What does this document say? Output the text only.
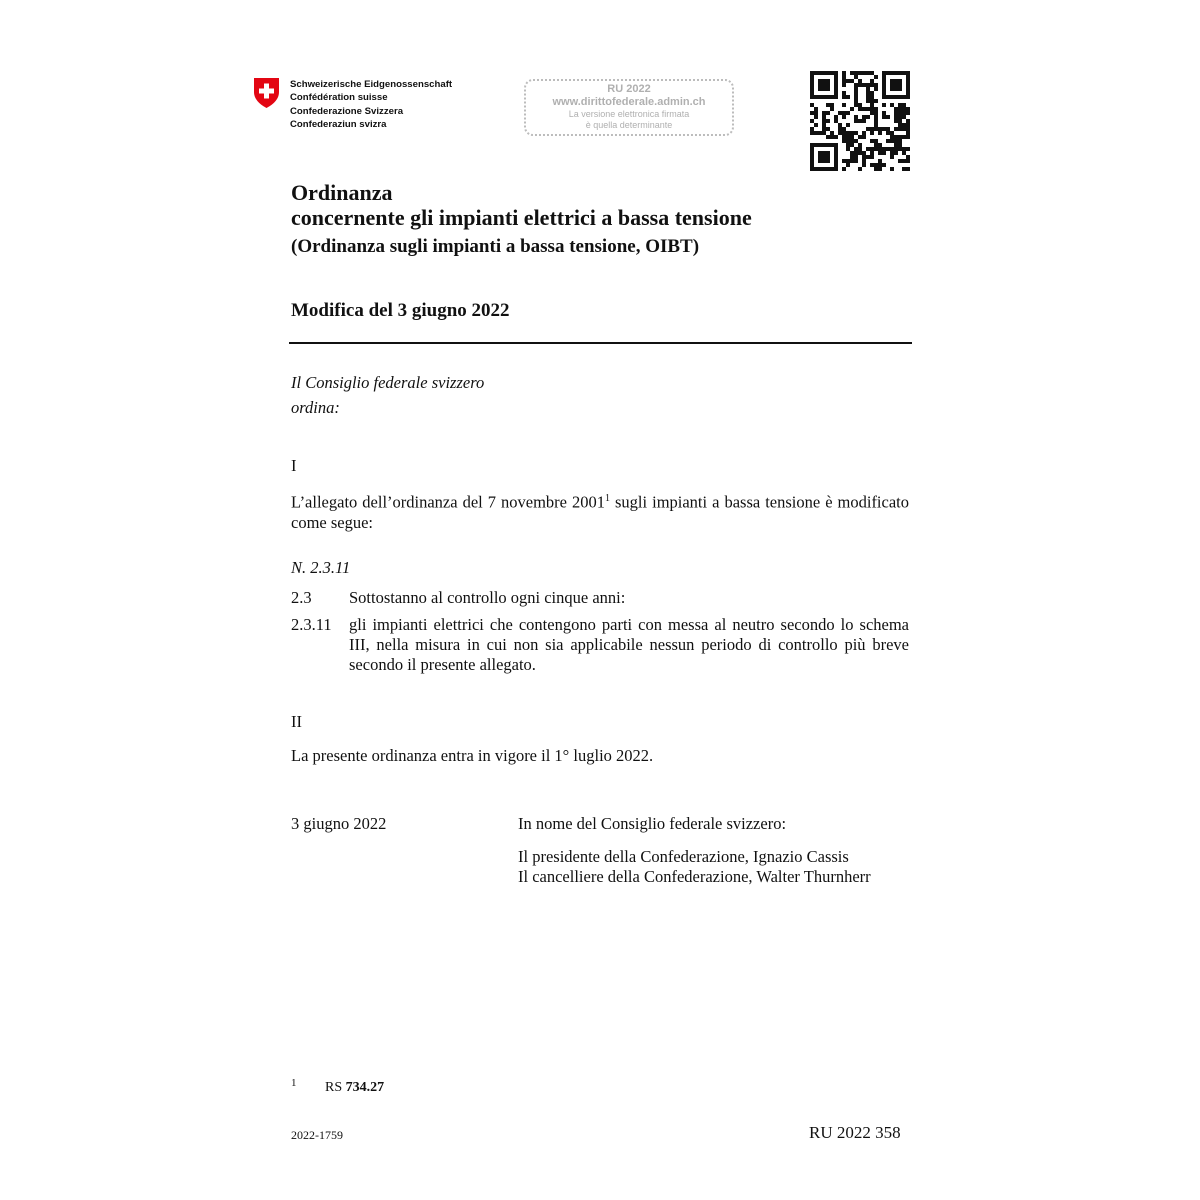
Schweizerische Eidgenossenschaft
Confédération suisse
Confederazione Svizzera
Confederaziun svizra
RU 2022
www.dirittofederale.admin.ch
La versione elettronica firmata
è quella determinante
Ordinanza
concernente gli impianti elettrici a bassa tensione
(Ordinanza sugli impianti a bassa tensione, OIBT)
Modifica del 3 giugno 2022
Il Consiglio federale svizzero
ordina:
I
L’allegato dell’ordinanza del 7 novembre 2001$^1$ sugli impianti a bassa tensione è modificato come segue:
N. 2.3.11
2.3 Sottostanno al controllo ogni cinque anni:
2.3.11 gli impianti elettrici che contengono parti con messa al neutro secondo lo schema III, nella misura in cui non sia applicabile nessun periodo di controllo più breve secondo il presente allegato.
II
La presente ordinanza entra in vigore il 1° luglio 2022.
3 giugno 2022	In nome del Consiglio federale svizzero:
Il presidente della Confederazione, Ignazio Cassis
Il cancelliere della Confederazione, Walter Thurnherr
1 RS 734.27
2022-1759	RU 2022 358
